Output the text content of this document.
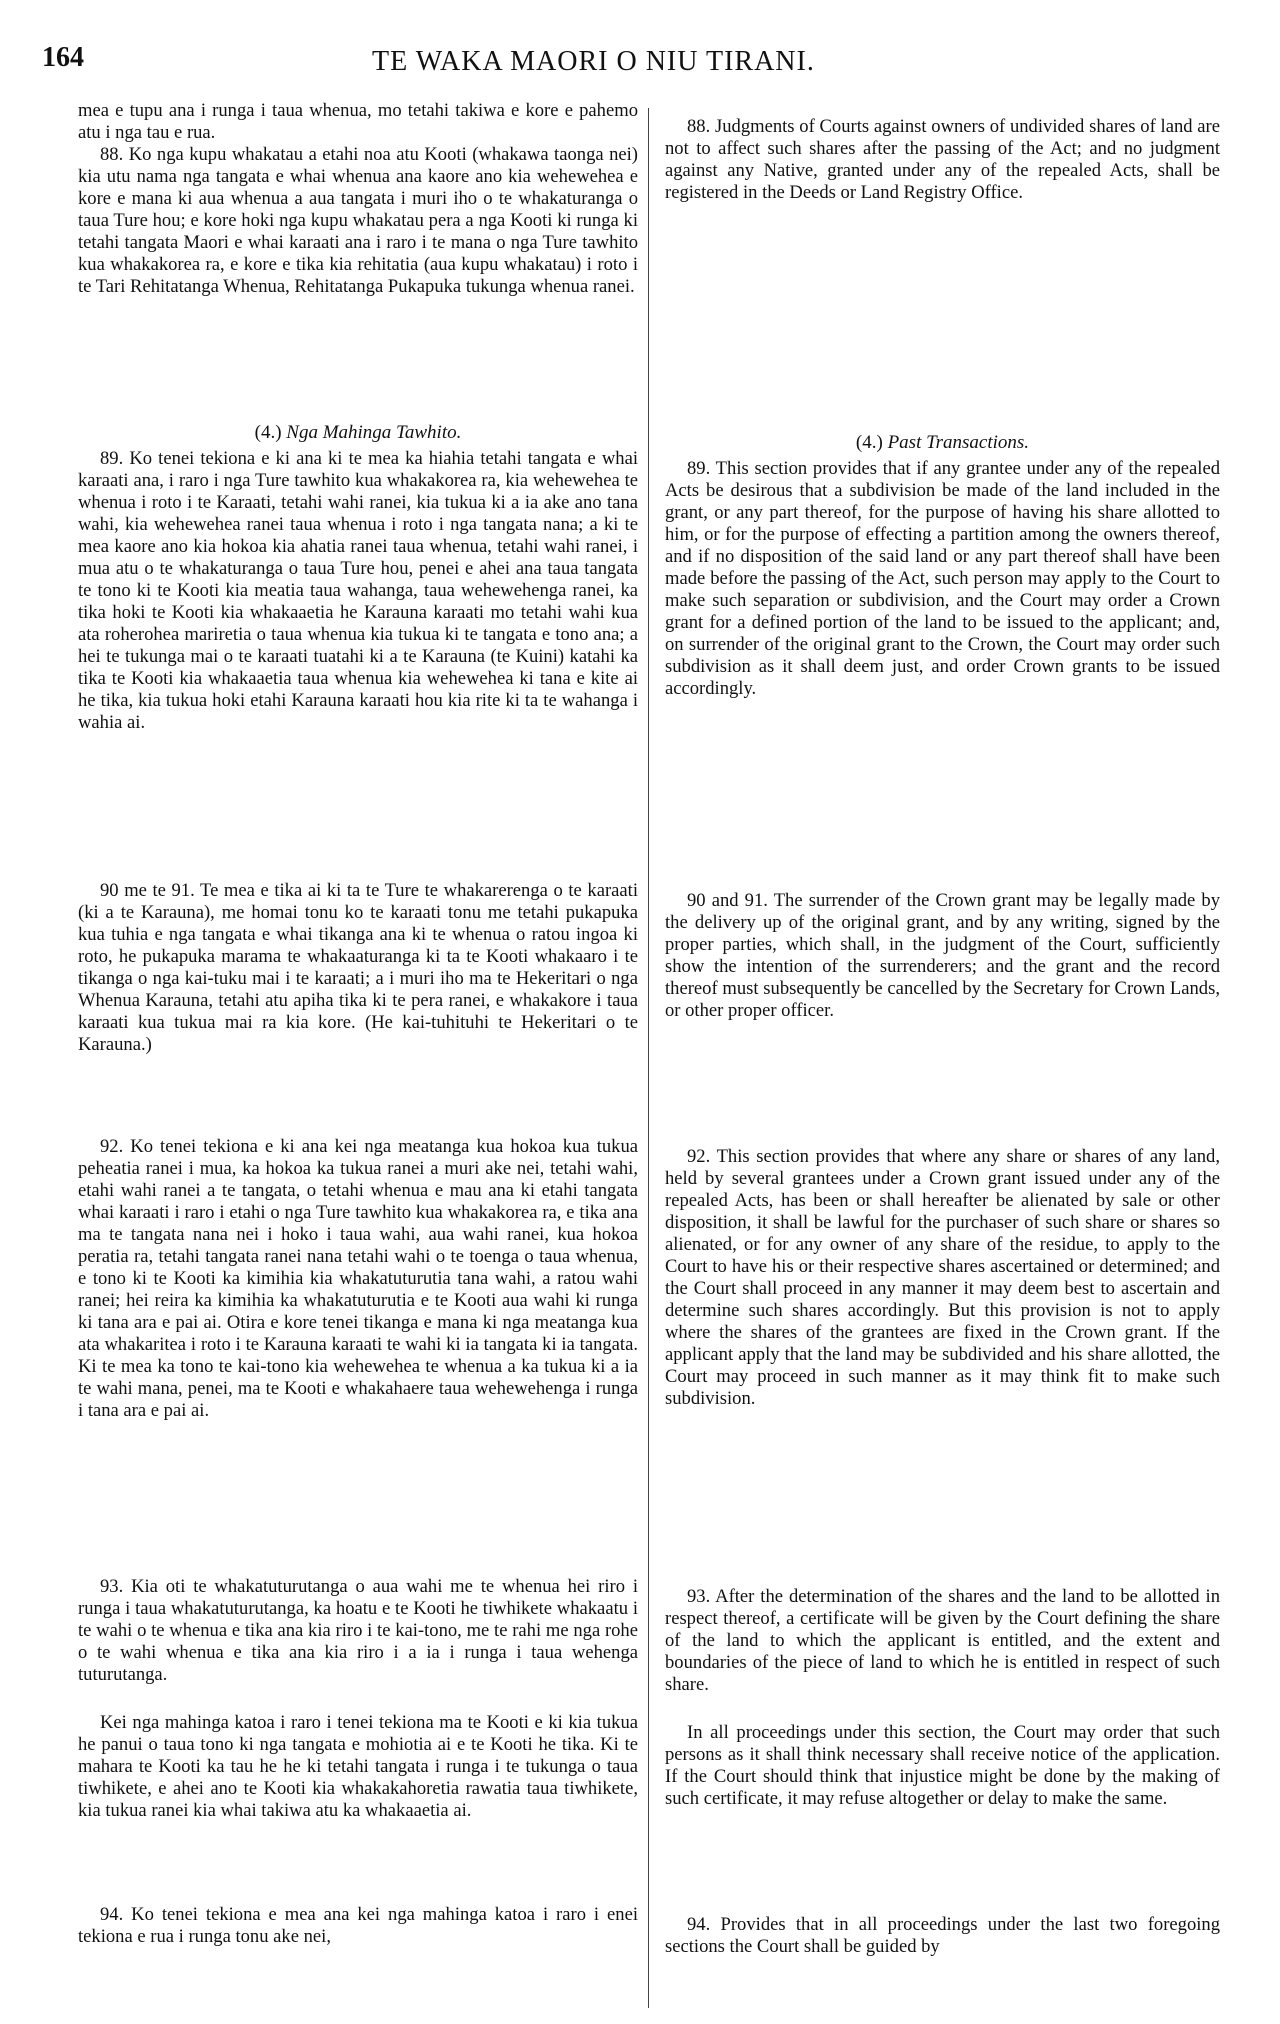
164	TE WAKA MAORI O NIU TIRANI.

mea e tupu ana i runga i taua whenua, mo tetahi takiwa e kore e pahemo atu i nga tau e rua.

88. Ko nga kupu whakatau a etahi noa atu Kooti (whakawa taonga nei) kia utu nama nga tangata e whai whenua ana kaore ano kia wehewehea e kore e mana ki aua whenua a aua tangata i muri iho o te whakaturanga o taua Ture hou; e kore hoki nga kupu whakatau pera a nga Kooti ki runga ki tetahi tangata Maori e whai karaati ana i raro i te mana o nga Ture tawhito kua whakakorea ra, e kore e tika kia rehitatia (aua kupu whakatau) i roto i te Tari Rehitatanga Whenua, Rehitatanga Pukapuka tukunga whenua ranei.

(4.) Nga Mahinga Tawhito.

89. Ko tenei tekiona e ki ana ki te mea ka hiahia tetahi tangata e whai karaati ana, i raro i nga Ture tawhito kua whakakorea ra, kia wehewehea te whenua i roto i te Karaati, tetahi wahi ranei, kia tukua ki a ia ake ano tana wahi, kia wehewehea ranei taua whenua i roto i nga tangata nana; a ki te mea kaore ano kia hokoa kia ahatia ranei taua whenua, tetahi wahi ranei, i mua atu o te whakaturanga o taua Ture hou, penei e ahei ana taua tangata te tono ki te Kooti kia meatia taua wahanga, taua wehewehenga ranei, ka tika hoki te Kooti kia whakaaetia he Karauna karaati mo tetahi wahi kua ata roherohea mariretia o taua whenua kia tukua ki te tangata e tono ana; a hei te tukunga mai o te karaati tuatahi ki a te Karauna (te Kuini) katahi ka tika te Kooti kia whakaaetia taua whenua kia wehewehea ki tana e kite ai he tika, kia tukua hoki etahi Karauna karaati hou kia rite ki ta te wahanga i wahia ai.

90 me te 91. Te mea e tika ai ki ta te Ture te whakarerenga o te karaati (ki a te Karauna), me homai tonu ko te karaati tonu me tetahi pukapuka kua tuhia e nga tangata e whai tikanga ana ki te whenua o ratou ingoa ki roto, he pukapuka marama te whakaaturanga ki ta te Kooti whakaaro i te tikanga o nga kai-tuku mai i te karaati; a i muri iho ma te Hekeritari o nga Whenua Karauna, tetahi atu apiha tika ki te pera ranei, e whakakore i taua karaati kua tukua mai ra kia kore. (He kai-tuhituhi te Hekeritari o te Karauna.)

92. Ko tenei tekiona e ki ana kei nga meatanga kua hokoa kua tukua peheatia ranei i mua, ka hokoa ka tukua ranei a muri ake nei, tetahi wahi, etahi wahi ranei a te tangata, o tetahi whenua e mau ana ki etahi tangata whai karaati i raro i etahi o nga Ture tawhito kua whakakorea ra, e tika ana ma te tangata nana nei i hoko i taua wahi, aua wahi ranei, kua hokoa peratia ra, tetahi tangata ranei nana tetahi wahi o te toenga o taua whenua, e tono ki te Kooti ka kimihia kia whakatuturutia tana wahi, a ratou wahi ranei; hei reira ka kimihia ka whakatuturutia e te Kooti aua wahi ki runga ki tana ara e pai ai. Otira e kore tenei tikanga e mana ki nga meatanga kua ata whakaritea i roto i te Karauna karaati te wahi ki ia tangata ki ia tangata. Ki te mea ka tono te kai-tono kia wehewehea te whenua a ka tukua ki a ia te wahi mana, penei, ma te Kooti e whakahaere taua wehewehenga i runga i tana ara e pai ai.

93. Kia oti te whakatuturutanga o aua wahi me te whenua hei riro i runga i taua whakatuturutanga, ka hoatu e te Kooti he tiwhikete whakaatu i te wahi o te whenua e tika ana kia riro i te kai-tono, me te rahi me nga rohe o te wahi whenua e tika ana kia riro i a ia i runga i taua wehenga tuturutanga.

Kei nga mahinga katoa i raro i tenei tekiona ma te Kooti e ki kia tukua he panui o taua tono ki nga tangata e mohiotia ai e te Kooti he tika. Ki te mahara te Kooti ka tau he he ki tetahi tangata i runga i te tukunga o taua tiwhikete, e ahei ano te Kooti kia whakakahoretia rawatia taua tiwhikete, kia tukua ranei kia whai takiwa atu ka whakaaetia ai.

94. Ko tenei tekiona e mea ana kei nga mahinga katoa i raro i enei tekiona e rua i runga tonu ake nei,

88. Judgments of Courts against owners of undivided shares of land are not to affect such shares after the passing of the Act; and no judgment against any Native, granted under any of the repealed Acts, shall be registered in the Deeds or Land Registry Office.

(4.) Past Transactions.

89. This section provides that if any grantee under any of the repealed Acts be desirous that a subdivision be made of the land included in the grant, or any part thereof, for the purpose of having his share allotted to him, or for the purpose of effecting a partition among the owners thereof, and if no disposition of the said land or any part thereof shall have been made before the passing of the Act, such person may apply to the Court to make such separation or subdivision, and the Court may order a Crown grant for a defined portion of the land to be issued to the applicant; and, on surrender of the original grant to the Crown, the Court may order such subdivision as it shall deem just, and order Crown grants to be issued accordingly.

90 and 91. The surrender of the Crown grant may be legally made by the delivery up of the original grant, and by any writing, signed by the proper parties, which shall, in the judgment of the Court, sufficiently show the intention of the surrenderers; and the grant and the record thereof must subsequently be cancelled by the Secretary for Crown Lands, or other proper officer.

92. This section provides that where any share or shares of any land, held by several grantees under a Crown grant issued under any of the repealed Acts, has been or shall hereafter be alienated by sale or other disposition, it shall be lawful for the purchaser of such share or shares so alienated, or for any owner of any share of the residue, to apply to the Court to have his or their respective shares ascertained or determined; and the Court shall proceed in any manner it may deem best to ascertain and determine such shares accordingly. But this provision is not to apply where the shares of the grantees are fixed in the Crown grant. If the applicant apply that the land may be subdivided and his share allotted, the Court may proceed in such manner as it may think fit to make such subdivision.

93. After the determination of the shares and the land to be allotted in respect thereof, a certificate will be given by the Court defining the share of the land to which the applicant is entitled, and the extent and boundaries of the piece of land to which he is entitled in respect of such share.

In all proceedings under this section, the Court may order that such persons as it shall think necessary shall receive notice of the application. If the Court should think that injustice might be done by the making of such certificate, it may refuse altogether or delay to make the same.

94. Provides that in all proceedings under the last two foregoing sections the Court shall be guided by
